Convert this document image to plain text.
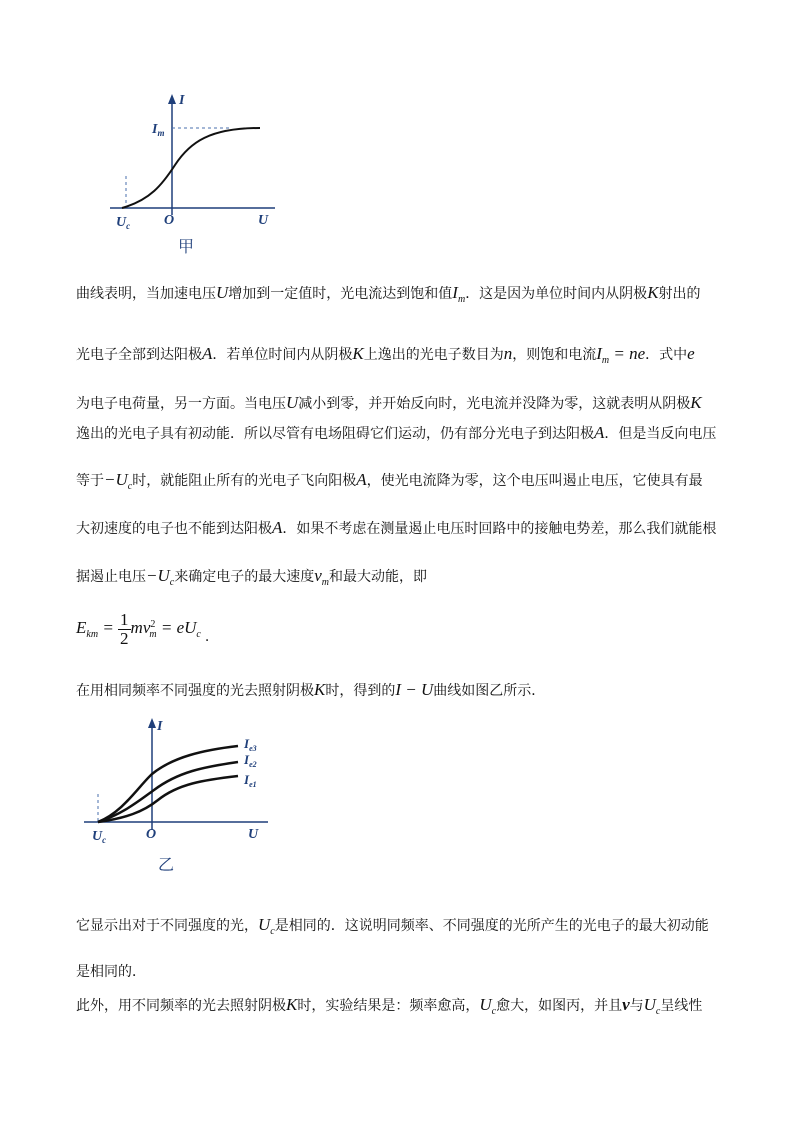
I
$I_m$
$U_c$ O	U
甲
曲线表明，当加速电压U增加到一定值时，光电流达到饱和值$I_m$．这是因为单位时间内从阴极K射出的
光电子全部到达阳极A．若单位时间内从阴极K上逸出的光电子数目为n，则饱和电流$I_m$ = ne．式中e
为电子电荷量，另一方面。当电压U减小到零，并开始反向时，光电流并没降为零，这就表明从阴极K
逸出的光电子具有初动能．所以尽管有电场阻碍它们运动，仍有部分光电子到达阳极A．但是当反向电压
等于$-U_c$时，就能阻止所有的光电子飞向阳极A，使光电流降为零，这个电压叫遏止电压，它使具有最
大初速度的电子也不能到达阳极A．如果不考虑在测量遏止电压时回路中的接触电势差，那么我们就能根
据遏止电压$-U_c$来确定电子的最大速度$v_m$和最大动能，即
$E_{km} = \frac{1}{2} mv^2_m = eU_c$ .
在用相同频率不同强度的光去照射阴极K时，得到的I − U曲线如图乙所示．
I
$I_{e3}$
$I_{e2}$
$I_{e1}$
$U_c$	O	U
乙
它显示出对于不同强度的光，$U_c$是相同的．这说明同频率、不同强度的光所产生的光电子的最大初动能
是相同的．
此外，用不同频率的光去照射阴极K时，实验结果是：频率愈高，$U_c$愈大，如图丙，并且ν与$U_c$呈线性
